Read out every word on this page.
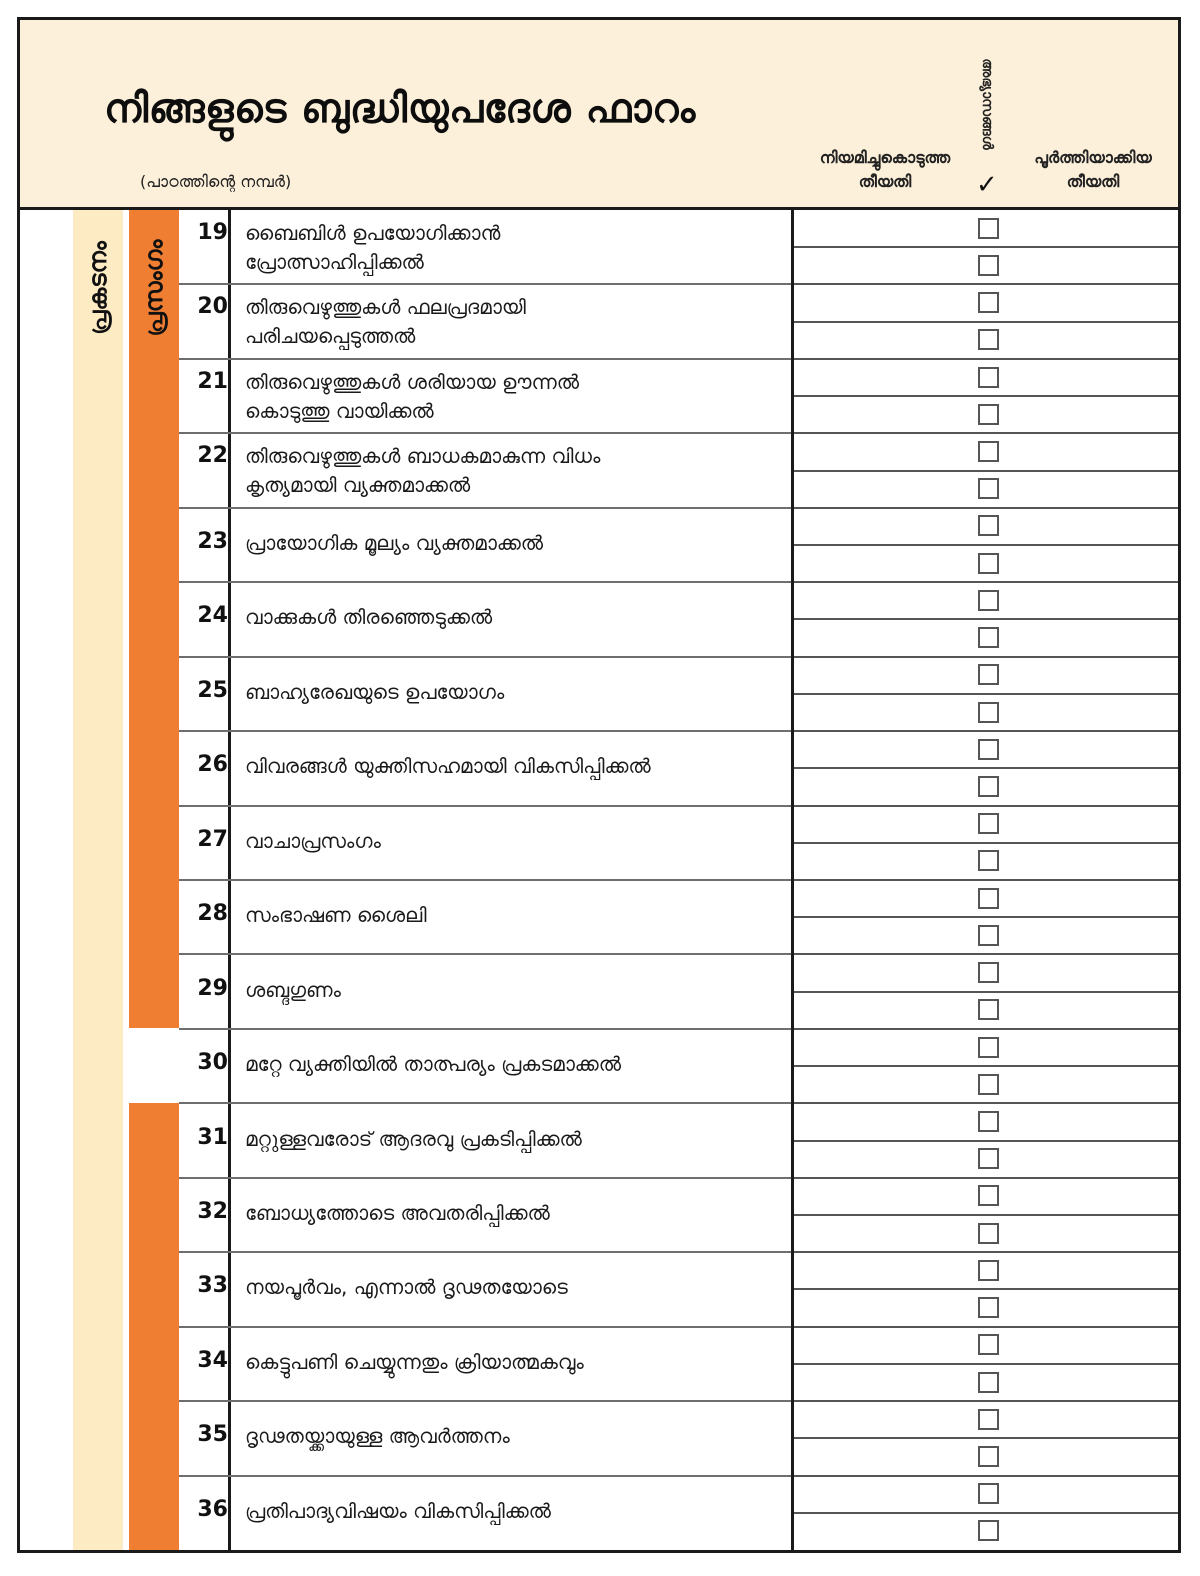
നിങ്ങളുടെ ബുദ്ധിയുപദേശ ഫാറം
(പാഠത്തിന്റെ നമ്പർ)
നിയമിച്ചുകൊടുത്ത
തീയതി
അഭ്യാസങ്ങൾ
✓
പൂർത്തിയാക്കിയ
തീയതി
പ്രകടനം പ്രസംഗം
19 ബൈബിൾ ഉപയോഗിക്കാൻ
പ്രോത്സാഹിപ്പിക്കൽ
20 തിരുവെഴുത്തുകൾ ഫലപ്രദമായി
പരിചയപ്പെടുത്തൽ
21 തിരുവെഴുത്തുകൾ ശരിയായ ഊന്നൽ
കൊടുത്തു വായിക്കൽ
22 തിരുവെഴുത്തുകൾ ബാധകമാകുന്ന വിധം
കൃത്യമായി വ്യക്തമാക്കൽ
23 പ്രായോഗിക മൂല്യം വ്യക്തമാക്കൽ
24 വാക്കുകൾ തിരഞ്ഞെടുക്കൽ
25 ബാഹ്യരേഖയുടെ ഉപയോഗം
26 വിവരങ്ങൾ യുക്തിസഹമായി വികസിപ്പിക്കൽ
27 വാചാപ്രസംഗം
28 സംഭാഷണ ശൈലി
29 ശബ്ദഗുണം
30 മറ്റേ വ്യക്തിയിൽ താത്പര്യം പ്രകടമാക്കൽ
31 മറ്റുള്ളവരോട് ആദരവു പ്രകടിപ്പിക്കൽ
32 ബോധ്യത്തോടെ അവതരിപ്പിക്കൽ
33 നയപൂർവം, എന്നാൽ ദൃഢതയോടെ
34 കെട്ടുപണി ചെയ്യുന്നതും ക്രിയാത്മകവും
35 ദൃഢതയ്ക്കായുള്ള ആവർത്തനം
36 പ്രതിപാദ്യവിഷയം വികസിപ്പിക്കൽ
